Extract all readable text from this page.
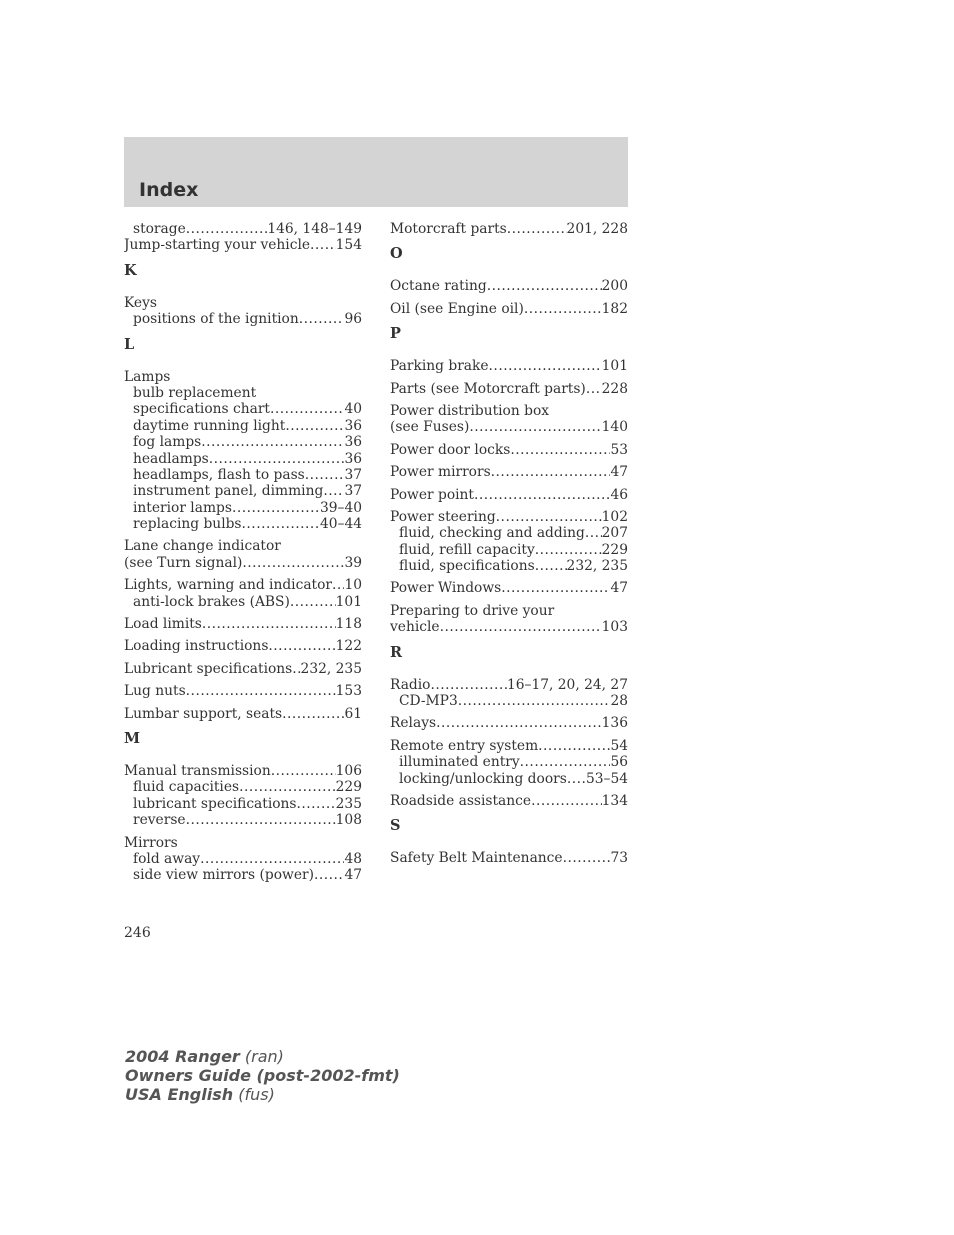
Index
storage .....	146, 148–149
Jump-starting your vehicle ..... 154
K
Keys
positions of the ignition .....	96
L
Lamps
bulb replacement
specifications chart .....	40
daytime running light .....	36
fog lamps .....	36
headlamps .....	36
headlamps, flash to pass .....	37
instrument panel, dimming ..... 37
interior lamps .....	39–40
replacing bulbs .....	40–44
Lane change indicator
(see Turn signal) .....	39
Lights, warning and indicator ..... 10
anti-lock brakes (ABS) .....	101
Load limits .....	118
Loading instructions .....	122
Lubricant specifications ..... 232, 235
Lug nuts .....	153
Lumbar support, seats .....	61
M
Manual transmission .....	106
fluid capacities .....	229
lubricant specifications .....	235
reverse .....	108
Mirrors
fold away .....	48
side view mirrors (power) ..... 47
Motorcraft parts .....	201, 228
O
Octane rating .....	200
Oil (see Engine oil) .....	182
P
Parking brake .....	101
Parts (see Motorcraft parts) ..... 228
Power distribution box
(see Fuses) .....	140
Power door locks .....	53
Power mirrors .....	47
Power point .....	46
Power steering .....	102
fluid, checking and adding ..... 207
fluid, refill capacity .....	229
fluid, specifications ..... 232, 235
Power Windows .....	47
Preparing to drive your
vehicle .....	103
R
Radio .....	16–17, 20, 24, 27
CD-MP3 .....	28
Relays .....	136
Remote entry system .....	54
illuminated entry .....	56
locking/unlocking doors ..... 53–54
Roadside assistance .....	134
S
Safety Belt Maintenance .....	73
246
2004 Ranger (ran)
Owners Guide (post-2002-fmt)
USA English (fus)
